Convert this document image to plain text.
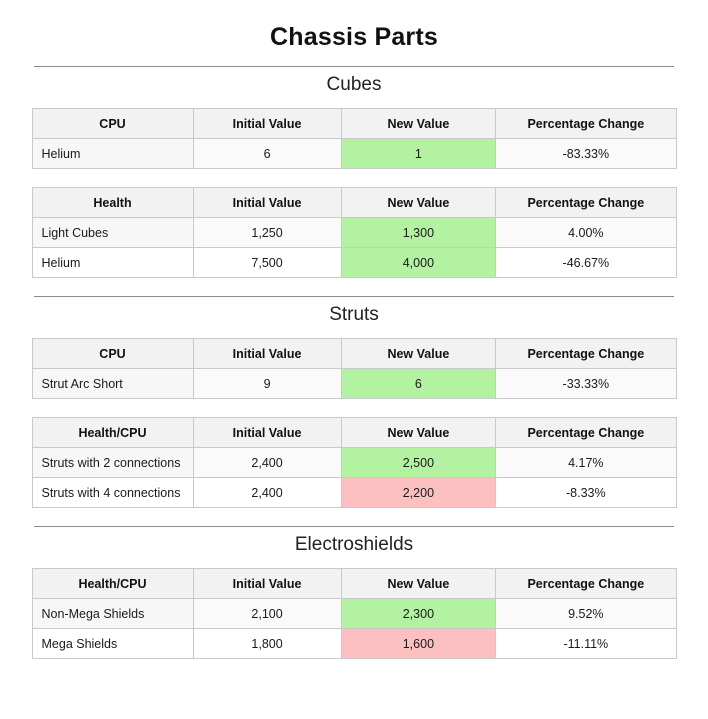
Chassis Parts
Cubes
CPU	Initial Value	New Value	Percentage Change
Helium	6	1	-83.33%
Health	Initial Value	New Value	Percentage Change
Light Cubes	1,250	1,300	4.00%
Helium	7,500	4,000	-46.67%
Struts
CPU	Initial Value	New Value	Percentage Change
Strut Arc Short	9	6	-33.33%
Health/CPU	Initial Value	New Value	Percentage Change
Struts with 2 connections	2,400	2,500	4.17%
Struts with 4 connections	2,400	2,200	-8.33%
Electroshields
Health/CPU	Initial Value	New Value	Percentage Change
Non-Mega Shields	2,100	2,300	9.52%
Mega Shields	1,800	1,600	-11.11%
